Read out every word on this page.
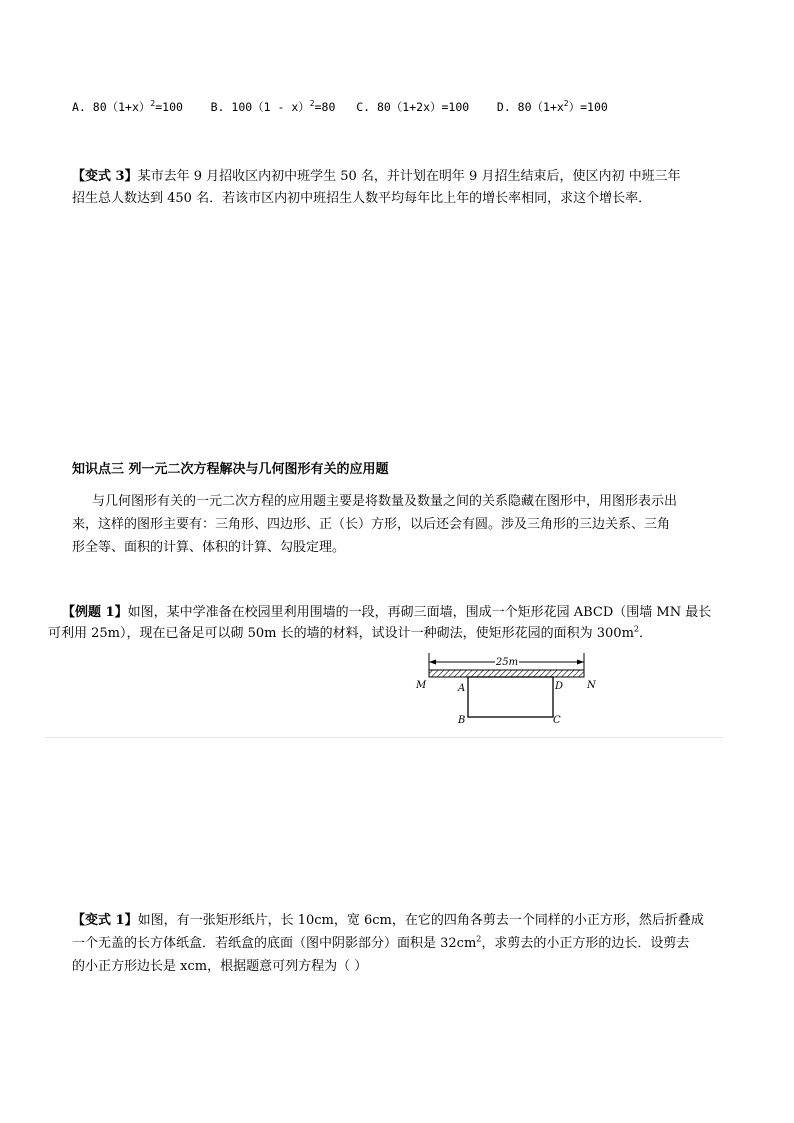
A. $80(1+x)^2=100$ B. 100（1 - x）$^2$=80 C. 80（1+2x）=100 D. $80(1+x^2)=100$
【变式 3】某市去年 9 月招收区内初中班学生 50 名，并计划在明年 9 月招生结束后，使区内初 中班三年
招生总人数达到 450 名．若该市区内初中班招生人数平均每年比上年的增长率相同，求这个增长率．
知识点三 列一元二次方程解决与几何图形有关的应用题
与几何图形有关的一元二次方程的应用题主要是将数量及数量之间的关系隐藏在图形中，用图形表示出
来，这样的图形主要有：三角形、四边形、正（长）方形，以后还会有圆。涉及三角形的三边关系、三角
形全等、面积的计算、体积的计算、勾股定理。
【例题 1】如图，某中学准备在校园里利用围墙的一段，再砌三面墙，围成一个矩形花园 ABCD（围墙 MN 最长
可利用 25m），现在已备足可以砌 50m 长的墙的材料，试设计一种砌法，使矩形花园的面积为 $300m^2$．
25m
M	A	D N
B	C
【变式 1】如图，有一张矩形纸片，长 10cm，宽 6cm，在它的四角各剪去一个同样的小正方形，然后折叠成
一个无盖的长方体纸盒．若纸盒的底面（图中阴影部分）面积是 $32cm^2$，求剪去的小正方形的边长．设剪去
的小正方形边长是 xcm，根据题意可列方程为（ ）
